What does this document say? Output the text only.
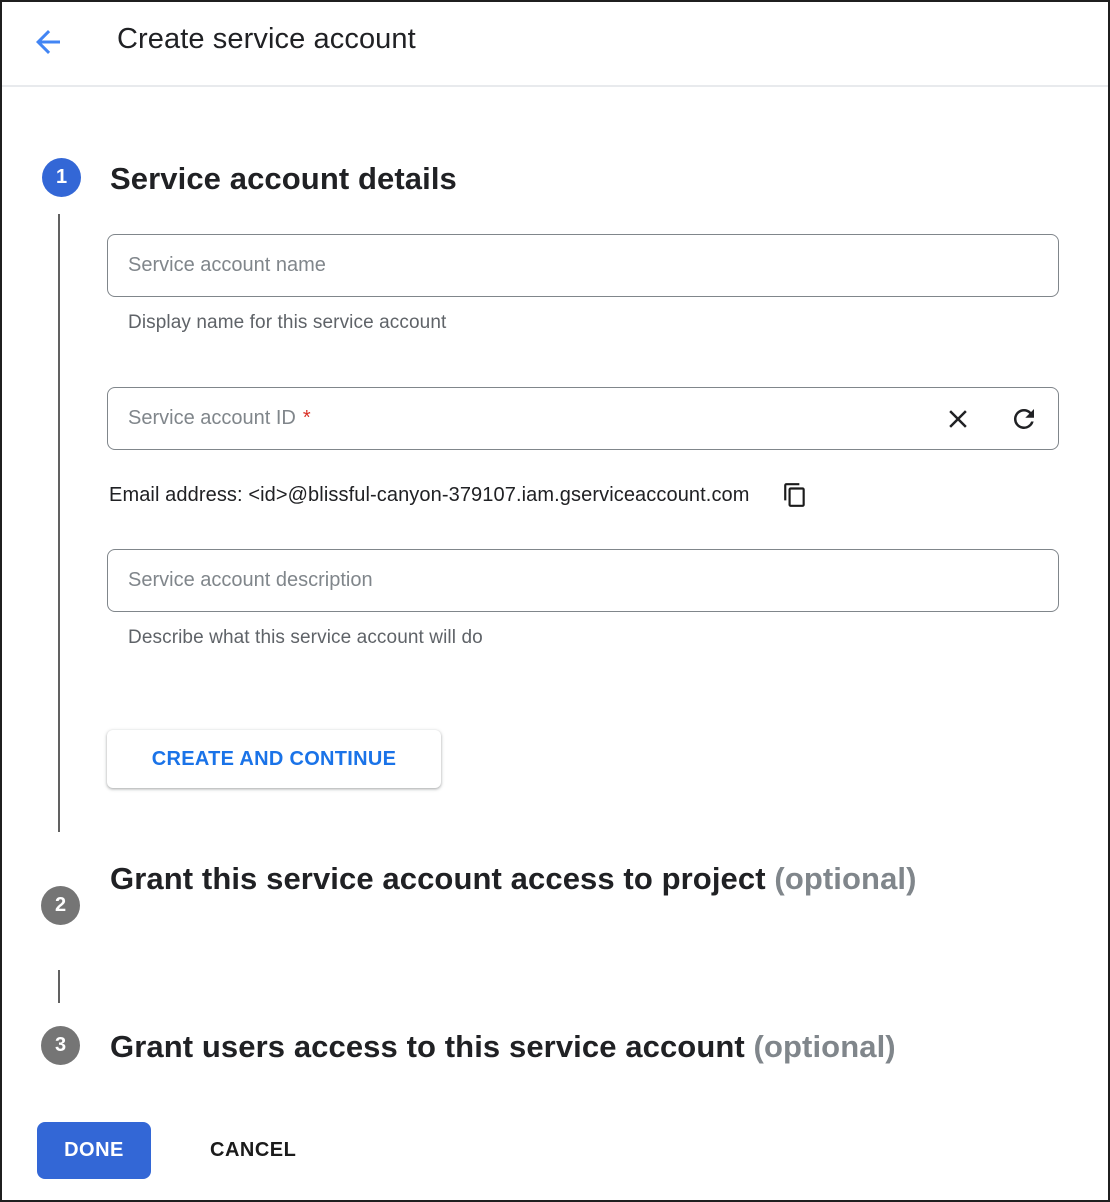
Create service account
1
2
3
Service account details
Service account name
Display name for this service account
Service account ID *
Email address: <id>@blissful-canyon-379107.iam.gserviceaccount.com
Service account description
Describe what this service account will do
CREATE AND CONTINUE
Grant this service account access to project (optional)
Grant users access to this service account (optional)
DONE	CANCEL
